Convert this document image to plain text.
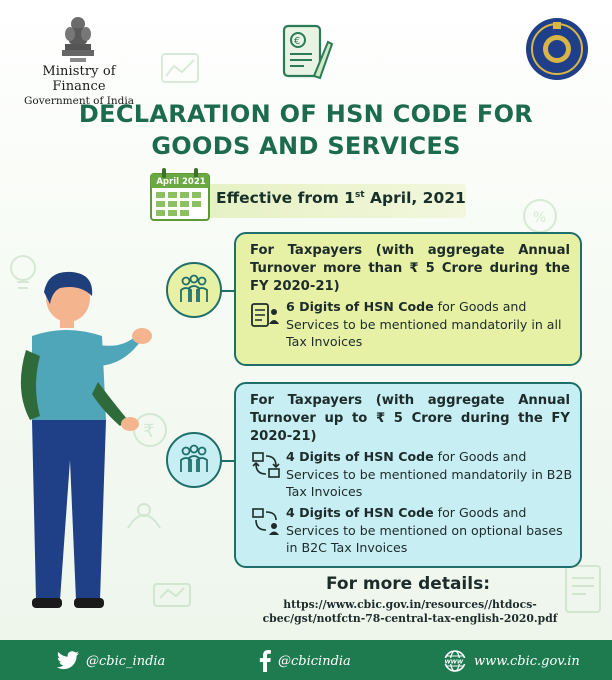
%
₹
Ministry of Finance
Government of India
€
DECLARATION OF HSN CODE FOR
GOODS AND SERVICES
April 2021
Effective from 1st April, 2021
For Taxpayers (with aggregate Annual Turnover more than ₹ 5 Crore during the FY 2020-21)
6 Digits of HSN Code for Goods and Services to be mentioned mandatorily in all Tax Invoices
For Taxpayers (with aggregate Annual Turnover up to ₹ 5 Crore during the FY 2020-21)
4 Digits of HSN Code for Goods and Services to be mentioned mandatorily in B2B Tax Invoices
4 Digits of HSN Code for Goods and Services to be mentioned on optional bases in B2C Tax Invoices
For more details:
https://www.cbic.gov.in/resources//htdocs-
cbec/gst/notfctn-78-central-tax-english-2020.pdf
@cbic_india	@cbicindia	WWW www.cbic.gov.in
